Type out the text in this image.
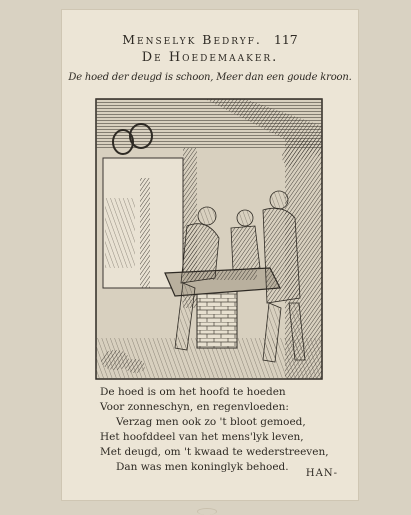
Menselyk Bedryf. 117
De Hoedemaaker.
De hoed der deugd is schoon, Meer dan een goude kroon.
De hoed is om het hoofd te hoeden
Voor zonneschyn, en regenvloeden:
Verzag men ook zo 't bloot gemoed,
Het hoofddeel van het mens'lyk leven,
Met deugd, om 't kwaad te wederstreeven,
Dan was men koninglyk behoed.
HAN-
